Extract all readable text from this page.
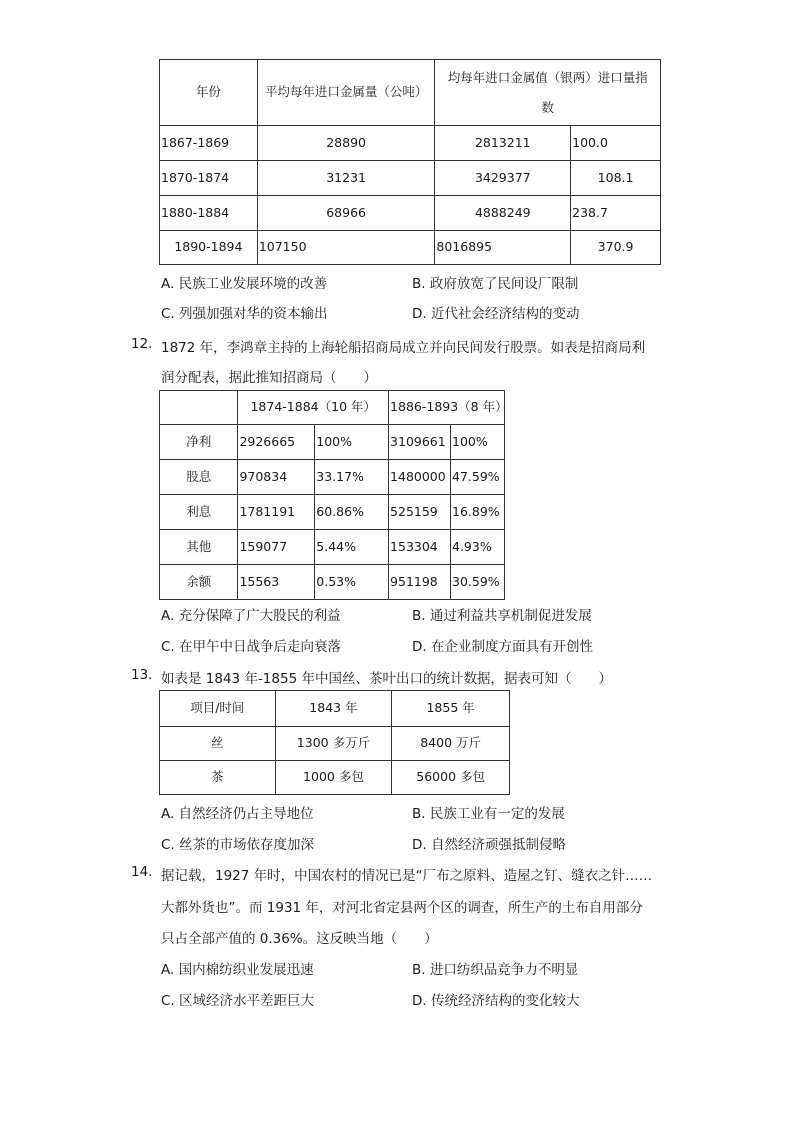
年份	平均每年进口金属量（公吨）	均每年进口金属值（银两）进口量指
数	

1867-1869	28890	2813211	100.0
1870-1874	31231	3429377	108.1
1880-1884	68966	4888249	238.7
1890-1894	107150	8016895	370.9
A. 民族工业发展环境的改善	B. 政府放宽了民间设厂限制
C. 列强加强对华的资本输出	D. 近代社会经济结构的变动
12. 1872 年，李鸿章主持的上海轮船招商局成立并向民间发行股票。如表是招商局利
润分配表，据此推知招商局（　　）
	1874-1884（10 年）		1886-1893（8 年）	
净利	2926665	100%	3109661	100%
股息	970834	33.17%	1480000	47.59%
利息	1781191	60.86%	525159	16.89%
其他	159077	5.44%	153304	4.93%
余额	15563	0.53%	951198	30.59%
A. 充分保障了广大股民的利益	B. 通过利益共享机制促进发展
C. 在甲午中日战争后走向衰落	D. 在企业制度方面具有开创性
13. 如表是 1843 年-1855 年中国丝、茶叶出口的统计数据，据表可知（　　）
项目/时间	1843 年	1855 年
丝	1300 多万斤	8400 万斤
茶	1000 多包	56000 多包
A. 自然经济仍占主导地位	B. 民族工业有一定的发展
C. 丝茶的市场依存度加深	D. 自然经济顽强抵制侵略
14. 据记载，1927 年时，中国农村的情况已是“厂布之原料、造屋之钉、缝衣之针……
大都外货也”。而 1931 年，对河北省定县两个区的调查，所生产的土布自用部分
只占全部产值的 0.36%。这反映当地（　　）
A. 国内棉纺织业发展迅速	B. 进口纺织品竞争力不明显
C. 区域经济水平差距巨大	D. 传统经济结构的变化较大
